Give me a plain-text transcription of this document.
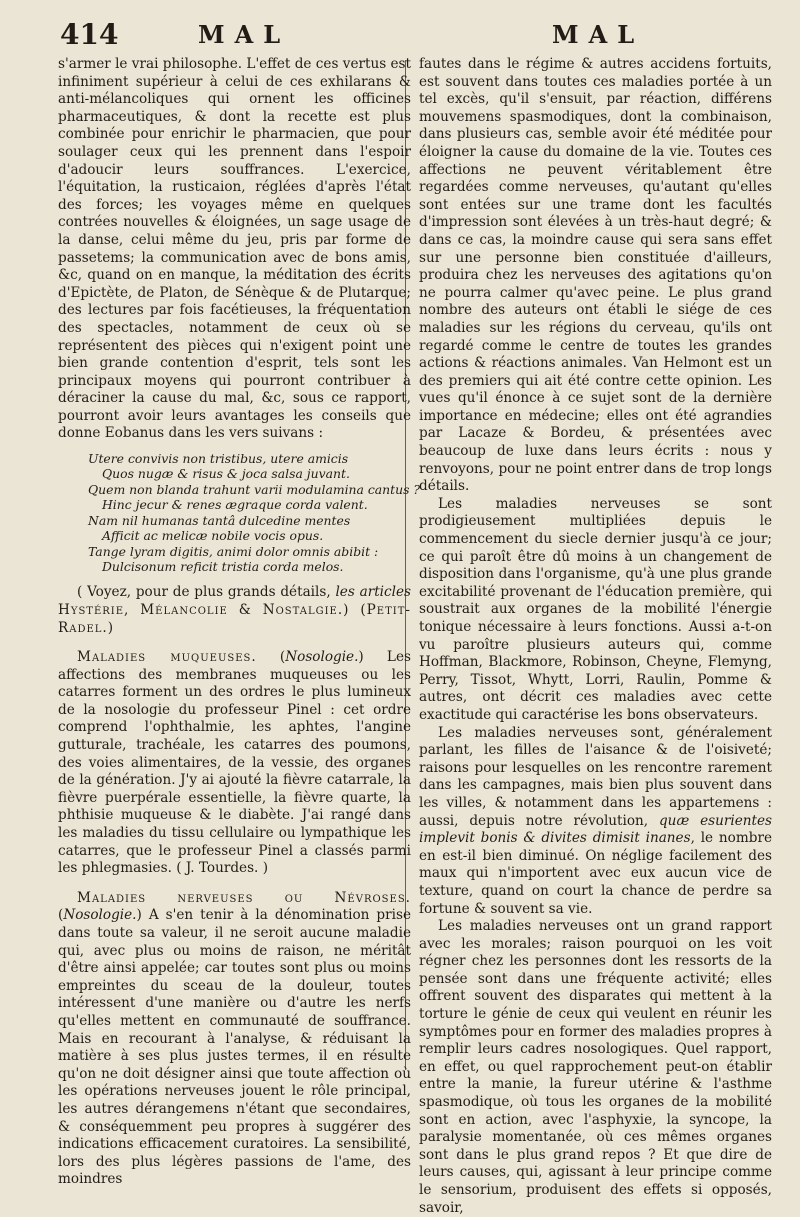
414	MAL	MAL

s'armer le vrai philosophe. L'effet de ces vertus est infiniment supérieur à celui de ces exhilarans & anti-mélancoliques qui ornent les officines pharmaceutiques, & dont la recette est plus combinée pour enrichir le pharmacien, que pour soulager ceux qui les prennent dans l'espoir d'adoucir leurs souffrances. L'exercice, l'équitation, la rusticaion, réglées d'après l'état des forces; les voyages même en quelques contrées nouvelles & éloignées, un sage usage de la danse, celui même du jeu, pris par forme de passetems; la communication avec de bons amis, &c, quand on en manque, la méditation des écrits d'Epictète, de Platon, de Sénèque & de Plutarque; des lectures par fois facétieuses, la fréquentation des spectacles, notamment de ceux où se représentent des pièces qui n'exigent point une bien grande contention d'esprit, tels sont les principaux moyens qui pourront contribuer à déraciner la cause du mal, &c, sous ce rapport, pourront avoir leurs avantages les conseils que donne Eobanus dans les vers suivans :

Utere convivis non tristibus, utere amicis
Quos nugæ & risus & joca salsa juvant.
Quem non blanda trahunt varii modulamina cantus ?
Hinc jecur & renes ægraque corda valent.
Nam nil humanas tantâ dulcedine mentes
Afficit ac melicæ nobile vocis opus.
Tange lyram digitis, animi dolor omnis abibit :
Dulcisonum reficit tristia corda melos.

( Voyez, pour de plus grands détails, les articles Hystérie, Mélancolie & Nostalgie.) (Petit-Radel.)

Maladies muqueuses. (Nosologie.) Les affections des membranes muqueuses ou les catarres forment un des ordres le plus lumineux de la nosologie du professeur Pinel : cet ordre comprend l'ophthalmie, les aphtes, l'angine gutturale, trachéale, les catarres des poumons, des voies alimentaires, de la vessie, des organes de la génération. J'y ai ajouté la fièvre catarrale, la fièvre puerpérale essentielle, la fièvre quarte, la phthisie muqueuse & le diabète. J'ai rangé dans les maladies du tissu cellulaire ou lympathique les catarres, que le professeur Pinel a classés parmi les phlegmasies. ( J. Tourdes. )

Maladies nerveuses ou Névroses. (Nosologie.) A s'en tenir à la dénomination prise dans toute sa valeur, il ne seroit aucune maladie qui, avec plus ou moins de raison, ne méritât d'être ainsi appelée; car toutes sont plus ou moins empreintes du sceau de la douleur, toutes intéressent d'une manière ou d'autre les nerfs qu'elles mettent en communauté de souffrance. Mais en recourant à l'analyse, & réduisant la matière à ses plus justes termes, il en résulte qu'on ne doit désigner ainsi que toute affection où les opérations nerveuses jouent le rôle principal, les autres dérangemens n'étant que secondaires, & conséquemment peu propres à suggérer des indications efficacement curatoires. La sensibilité, lors des plus légères passions de l'ame, des moindres

fautes dans le régime & autres accidens fortuits, est souvent dans toutes ces maladies portée à un tel excès, qu'il s'ensuit, par réaction, différens mouvemens spasmodiques, dont la combinaison, dans plusieurs cas, semble avoir été méditée pour éloigner la cause du domaine de la vie. Toutes ces affections ne peuvent véritablement être regardées comme nerveuses, qu'autant qu'elles sont entées sur une trame dont les facultés d'impression sont élevées à un très-haut degré; & dans ce cas, la moindre cause qui sera sans effet sur une personne bien constituée d'ailleurs, produira chez les nerveuses des agitations qu'on ne pourra calmer qu'avec peine. Le plus grand nombre des auteurs ont établi le siége de ces maladies sur les régions du cerveau, qu'ils ont regardé comme le centre de toutes les grandes actions & réactions animales. Van Helmont est un des premiers qui ait été contre cette opinion. Les vues qu'il énonce à ce sujet sont de la dernière importance en médecine; elles ont été agrandies par Lacaze & Bordeu, & présentées avec beaucoup de luxe dans leurs écrits : nous y renvoyons, pour ne point entrer dans de trop longs détails.

Les maladies nerveuses se sont prodigieusement multipliées depuis le commencement du siecle dernier jusqu'à ce jour; ce qui paroît être dû moins à un changement de disposition dans l'organisme, qu'à une plus grande excitabilité provenant de l'éducation première, qui soustrait aux organes de la mobilité l'énergie tonique nécessaire à leurs fonctions. Aussi a-t-on vu paroître plusieurs auteurs qui, comme Hoffman, Blackmore, Robinson, Cheyne, Flemyng, Perry, Tissot, Whytt, Lorri, Raulin, Pomme & autres, ont décrit ces maladies avec cette exactitude qui caractérise les bons observateurs.

Les maladies nerveuses sont, généralement parlant, les filles de l'aisance & de l'oisiveté; raisons pour lesquelles on les rencontre rarement dans les campagnes, mais bien plus souvent dans les villes, & notamment dans les appartemens : aussi, depuis notre révolution, quæ esurientes implevit bonis & divites dimisit inanes, le nombre en est-il bien diminué. On néglige facilement des maux qui n'importent avec eux aucun vice de texture, quand on court la chance de perdre sa fortune & souvent sa vie.

Les maladies nerveuses ont un grand rapport avec les morales; raison pourquoi on les voit régner chez les personnes dont les ressorts de la pensée sont dans une fréquente activité; elles offrent souvent des disparates qui mettent à la torture le génie de ceux qui veulent en réunir les symptômes pour en former des maladies propres à remplir leurs cadres nosologiques. Quel rapport, en effet, ou quel rapprochement peut-on établir entre la manie, la fureur utérine & l'asthme spasmodique, où tous les organes de la mobilité sont en action, avec l'asphyxie, la syncope, la paralysie momentanée, où ces mêmes organes sont dans le plus grand repos ? Et que dire de leurs causes, qui, agissant à leur principe comme le sensorium, produisent des effets si opposés, savoir,
